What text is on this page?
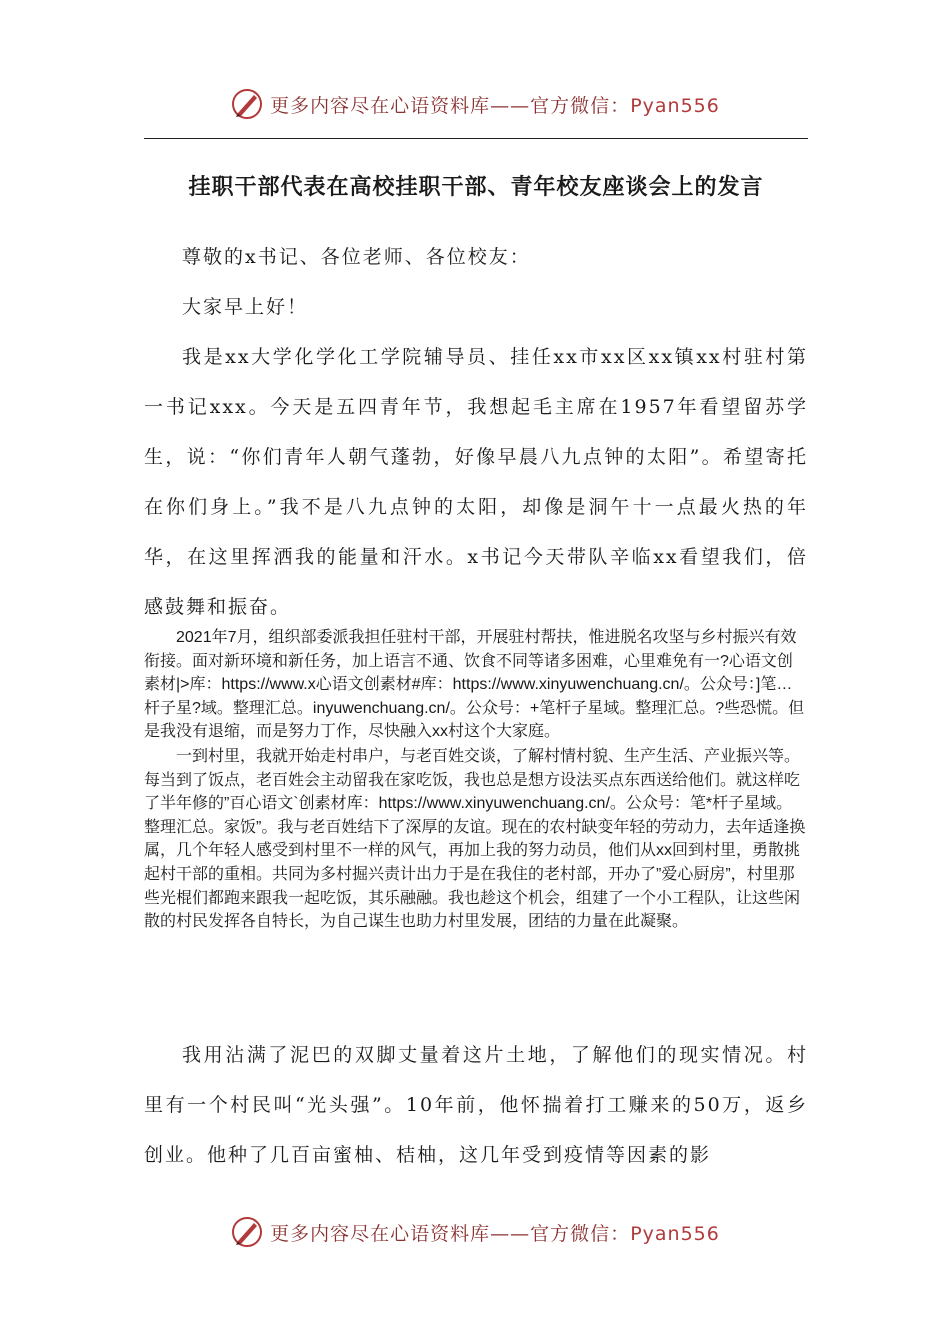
更多内容尽在心语资料库——官方微信：Pyan556
挂职干部代表在高校挂职干部、青年校友座谈会上的发言

尊敬的x书记、各位老师、各位校友：

大家早上好！

我是xx大学化学化工学院辅导员、挂任xx市xx区xx镇xx村驻村第一书记xxx。今天是五四青年节，我想起毛主席在1957年看望留苏学生，说：“你们青年人朝气蓬勃，好像早晨八九点钟的太阳”。希望寄托在你们身上。”我不是八九点钟的太阳，却像是洞午十一点最火热的年华，在这里挥洒我的能量和汗水。x书记今天带队辛临xx看望我们，倍感鼓舞和振奋。

2021年7月，组织部委派我担任驻村干部，开展驻村帮扶，惟进脱名攻坚与乡村振兴有效衔接。面对新环境和新任务，加上语言不通、饮食不同等诸多困难，心里难免有一?心语文创素材|>库：https://www.x心语文创素材#库：https://www.xinyuwenchuang.cn/。公众号：]笔…杆子星?域。整理汇总。inyuwenchuang.cn/。公众号：+笔杆子星域。整理汇总。?些恐慌。但是我没有退缩，而是努力丁作，尽快融入xx村这个大家庭。

一到村里，我就开始走村串户，与老百姓交谈，了解村情村貌、生产生活、产业振兴等。每当到了饭点，老百姓会主动留我在家吃饭，我也总是想方设法买点东西送给他们。就这样吃了半年修的”百心语文`创素材库：https://www.xinyuwenchuang.cn/。公众号：笔*杆子星域。整理汇总。家饭”。我与老百姓结下了深厚的友谊。现在的农村缺变年轻的劳动力，去年适逢换属，几个年轻人感受到村里不一样的风气，再加上我的努力动员，他们从xx回到村里，勇散挑起村干部的重相。共同为多村掘兴责计出力于是在我住的老村部，开办了”爱心厨房”，村里那些光棍们都跑来跟我一起吃饭，其乐融融。我也趁这个机会，组建了一个小工程队，让这些闲散的村民发挥各自特长，为自己谋生也助力村里发展，团结的力量在此凝聚。

我用沾满了泥巴的双脚丈量着这片土地，了解他们的现实情况。村里有一个村民叫“光头强”。10年前，他怀揣着打工赚来的50万，返乡创业。他种了几百亩蜜柚、桔柚，这几年受到疫情等因素的影

更多内容尽在心语资料库——官方微信：Pyan556
